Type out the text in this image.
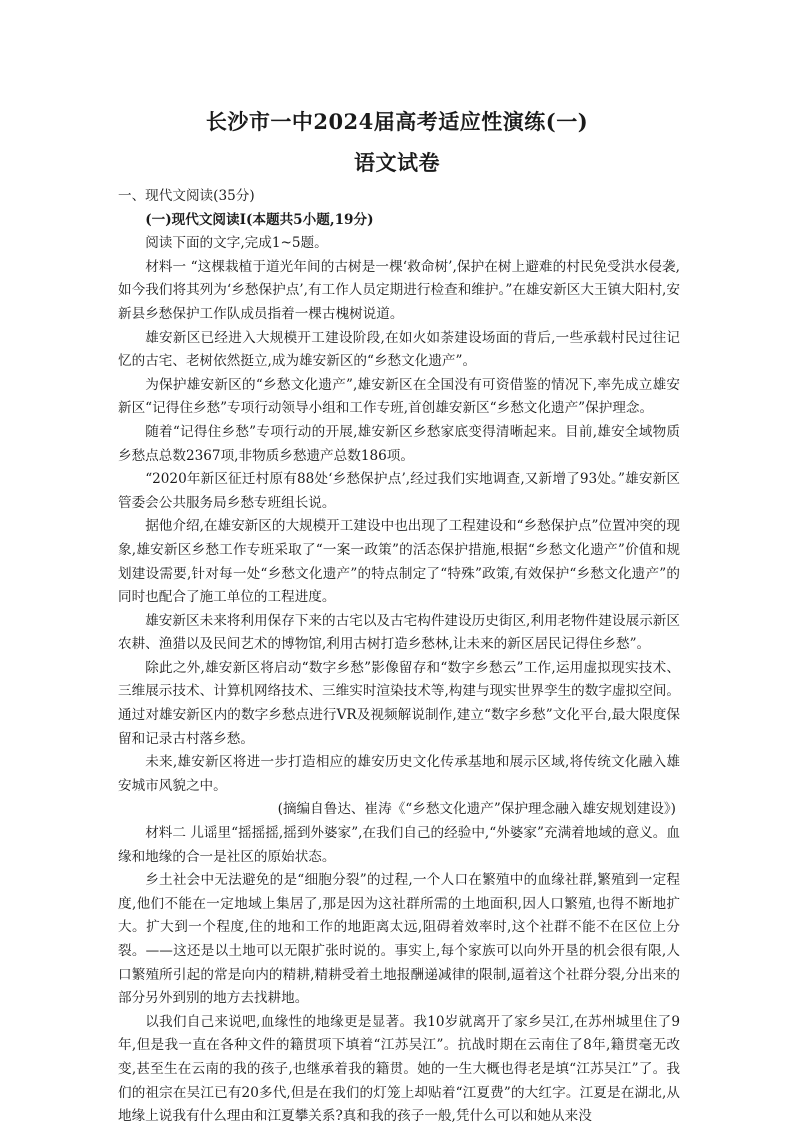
长沙市一中2024届高考适应性演练(一)
语文试卷

一、现代文阅读(35分)

(一)现代文阅读Ⅰ(本题共5小题,19分)

阅读下面的文字,完成1~5题。

材料一 “这棵栽植于道光年间的古树是一棵‘救命树’,保护在树上避难的村民免受洪水侵袭,如今我们将其列为‘乡愁保护点’,有工作人员定期进行检查和维护。”在雄安新区大王镇大阳村,安新县乡愁保护工作队成员指着一棵古槐树说道。

雄安新区已经进入大规模开工建设阶段,在如火如荼建设场面的背后,一些承载村民过往记忆的古宅、老树依然挺立,成为雄安新区的“乡愁文化遗产”。

为保护雄安新区的“乡愁文化遗产”,雄安新区在全国没有可资借鉴的情况下,率先成立雄安新区“记得住乡愁”专项行动领导小组和工作专班,首创雄安新区“乡愁文化遗产”保护理念。

随着“记得住乡愁”专项行动的开展,雄安新区乡愁家底变得清晰起来。目前,雄安全域物质乡愁点总数2367项,非物质乡愁遗产总数186项。

“2020年新区征迁村原有88处‘乡愁保护点’,经过我们实地调查,又新增了93处。”雄安新区管委会公共服务局乡愁专班组长说。

据他介绍,在雄安新区的大规模开工建设中也出现了工程建设和“乡愁保护点”位置冲突的现象,雄安新区乡愁工作专班采取了“一案一政策”的活态保护措施,根据“乡愁文化遗产”价值和规划建设需要,针对每一处“乡愁文化遗产”的特点制定了“特殊”政策,有效保护“乡愁文化遗产”的同时也配合了施工单位的工程进度。

雄安新区未来将利用保存下来的古宅以及古宅构件建设历史街区,利用老物件建设展示新区农耕、渔猎以及民间艺术的博物馆,利用古树打造乡愁林,让未来的新区居民记得住乡愁”。

除此之外,雄安新区将启动“数字乡愁”影像留存和“数字乡愁云”工作,运用虚拟现实技术、三维展示技术、计算机网络技术、三维实时渲染技术等,构建与现实世界孪生的数字虚拟空间。通过对雄安新区内的数字乡愁点进行VR及视频解说制作,建立“数字乡愁”文化平台,最大限度保留和记录古村落乡愁。

未来,雄安新区将进一步打造相应的雄安历史文化传承基地和展示区域,将传统文化融入雄安城市风貌之中。

(摘编自鲁达、崔涛《“乡愁文化遗产”保护理念融入雄安规划建设》)

材料二 儿谣里“摇摇摇,摇到外婆家”,在我们自己的经验中,“外婆家”充满着地域的意义。血缘和地缘的合一是社区的原始状态。

乡土社会中无法避免的是“细胞分裂”的过程,一个人口在繁殖中的血缘社群,繁殖到一定程度,他们不能在一定地域上集居了,那是因为这社群所需的土地面积,因人口繁殖,也得不断地扩大。扩大到一个程度,住的地和工作的地距离太远,阻碍着效率时,这个社群不能不在区位上分裂。——这还是以土地可以无限扩张时说的。事实上,每个家族可以向外开垦的机会很有限,人口繁殖所引起的常是向内的精耕,精耕受着土地报酬递减律的限制,逼着这个社群分裂,分出来的部分另外到别的地方去找耕地。

以我们自己来说吧,血缘性的地缘更是显著。我10岁就离开了家乡吴江,在苏州城里住了9年,但是我一直在各种文件的籍贯项下填着“江苏吴江”。抗战时期在云南住了8年,籍贯毫无改变,甚至生在云南的我的孩子,也继承着我的籍贯。她的一生大概也得老是填“江苏吴江”了。我们的祖宗在吴江已有20多代,但是在我们的灯笼上却贴着“江夏费”的大红字。江夏是在湖北,从地缘上说我有什么理由和江夏攀关系?真和我的孩子一般,凭什么可以和她从来没
